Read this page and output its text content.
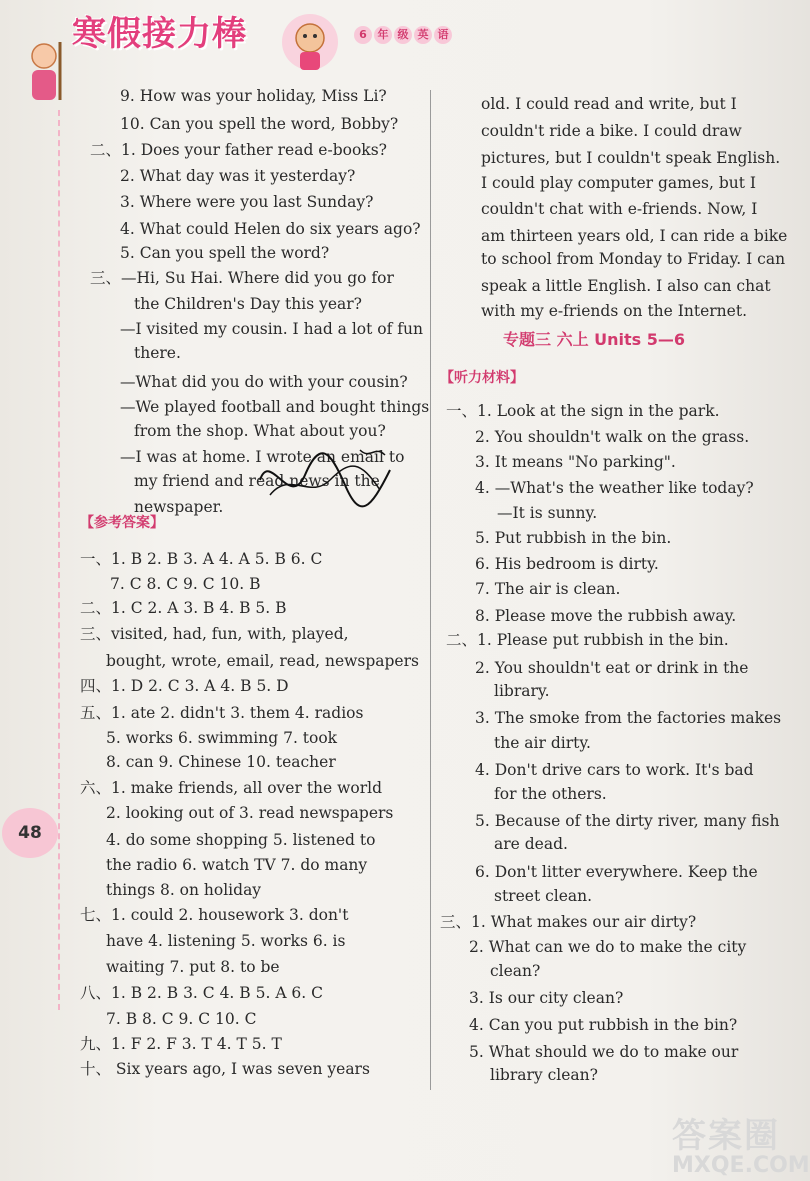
寒假接力棒	6 年 级 英 语
48
9. How was your holiday, Miss Li?
10. Can you spell the word, Bobby?
二、1. Does your father read e-books?
2. What day was it yesterday?
3. Where were you last Sunday?
4. What could Helen do six years ago?
5. Can you spell the word?
三、—Hi, Su Hai. Where did you go for
the Children's Day this year?
—I visited my cousin. I had a lot of fun
there.
—What did you do with your cousin?
—We played football and bought things
from the shop. What about you?
—I was at home. I wrote an email to
my friend and read news in the
newspaper.
一、1. B 2. B 3. A 4. A 5. B 6. C
7. C 8. C 9. C 10. B
二、1. C 2. A 3. B 4. B 5. B
三、visited, had, fun, with, played,
bought, wrote, email, read, newspapers
四、1. D 2. C 3. A 4. B 5. D
五、1. ate 2. didn't 3. them 4. radios
5. works 6. swimming 7. took
8. can 9. Chinese 10. teacher
六、1. make friends, all over the world
2. looking out of 3. read newspapers
4. do some shopping 5. listened to
the radio 6. watch TV 7. do many
things 8. on holiday
七、1. could 2. housework 3. don't
have 4. listening 5. works 6. is
waiting 7. put 8. to be
八、1. B 2. B 3. C 4. B 5. A 6. C
7. B 8. C 9. C 10. C
九、1. F 2. F 3. T 4. T 5. T
十、 Six years ago, I was seven years
【参考答案】
old. I could read and write, but I
couldn't ride a bike. I could draw
pictures, but I couldn't speak English.
I could play computer games, but I
couldn't chat with e-friends. Now, I
am thirteen years old, I can ride a bike
to school from Monday to Friday. I can
speak a little English. I also can chat
with my e-friends on the Internet.
一、1. Look at the sign in the park.
2. You shouldn't walk on the grass.
3. It means "No parking".
4. —What's the weather like today?
—It is sunny.
5. Put rubbish in the bin.
6. His bedroom is dirty.
7. The air is clean.
8. Please move the rubbish away.
二、1. Please put rubbish in the bin.
2. You shouldn't eat or drink in the
library.
3. The smoke from the factories makes
the air dirty.
4. Don't drive cars to work. It's bad
for the others.
5. Because of the dirty river, many fish
are dead.
6. Don't litter everywhere. Keep the
street clean.
三、1. What makes our air dirty?
2. What can we do to make the city
clean?
3. Is our city clean?
4. Can you put rubbish in the bin?
5. What should we do to make our
library clean?
专题三 六上 Units 5—6
【听力材料】
答案圈
MXQE.COM
